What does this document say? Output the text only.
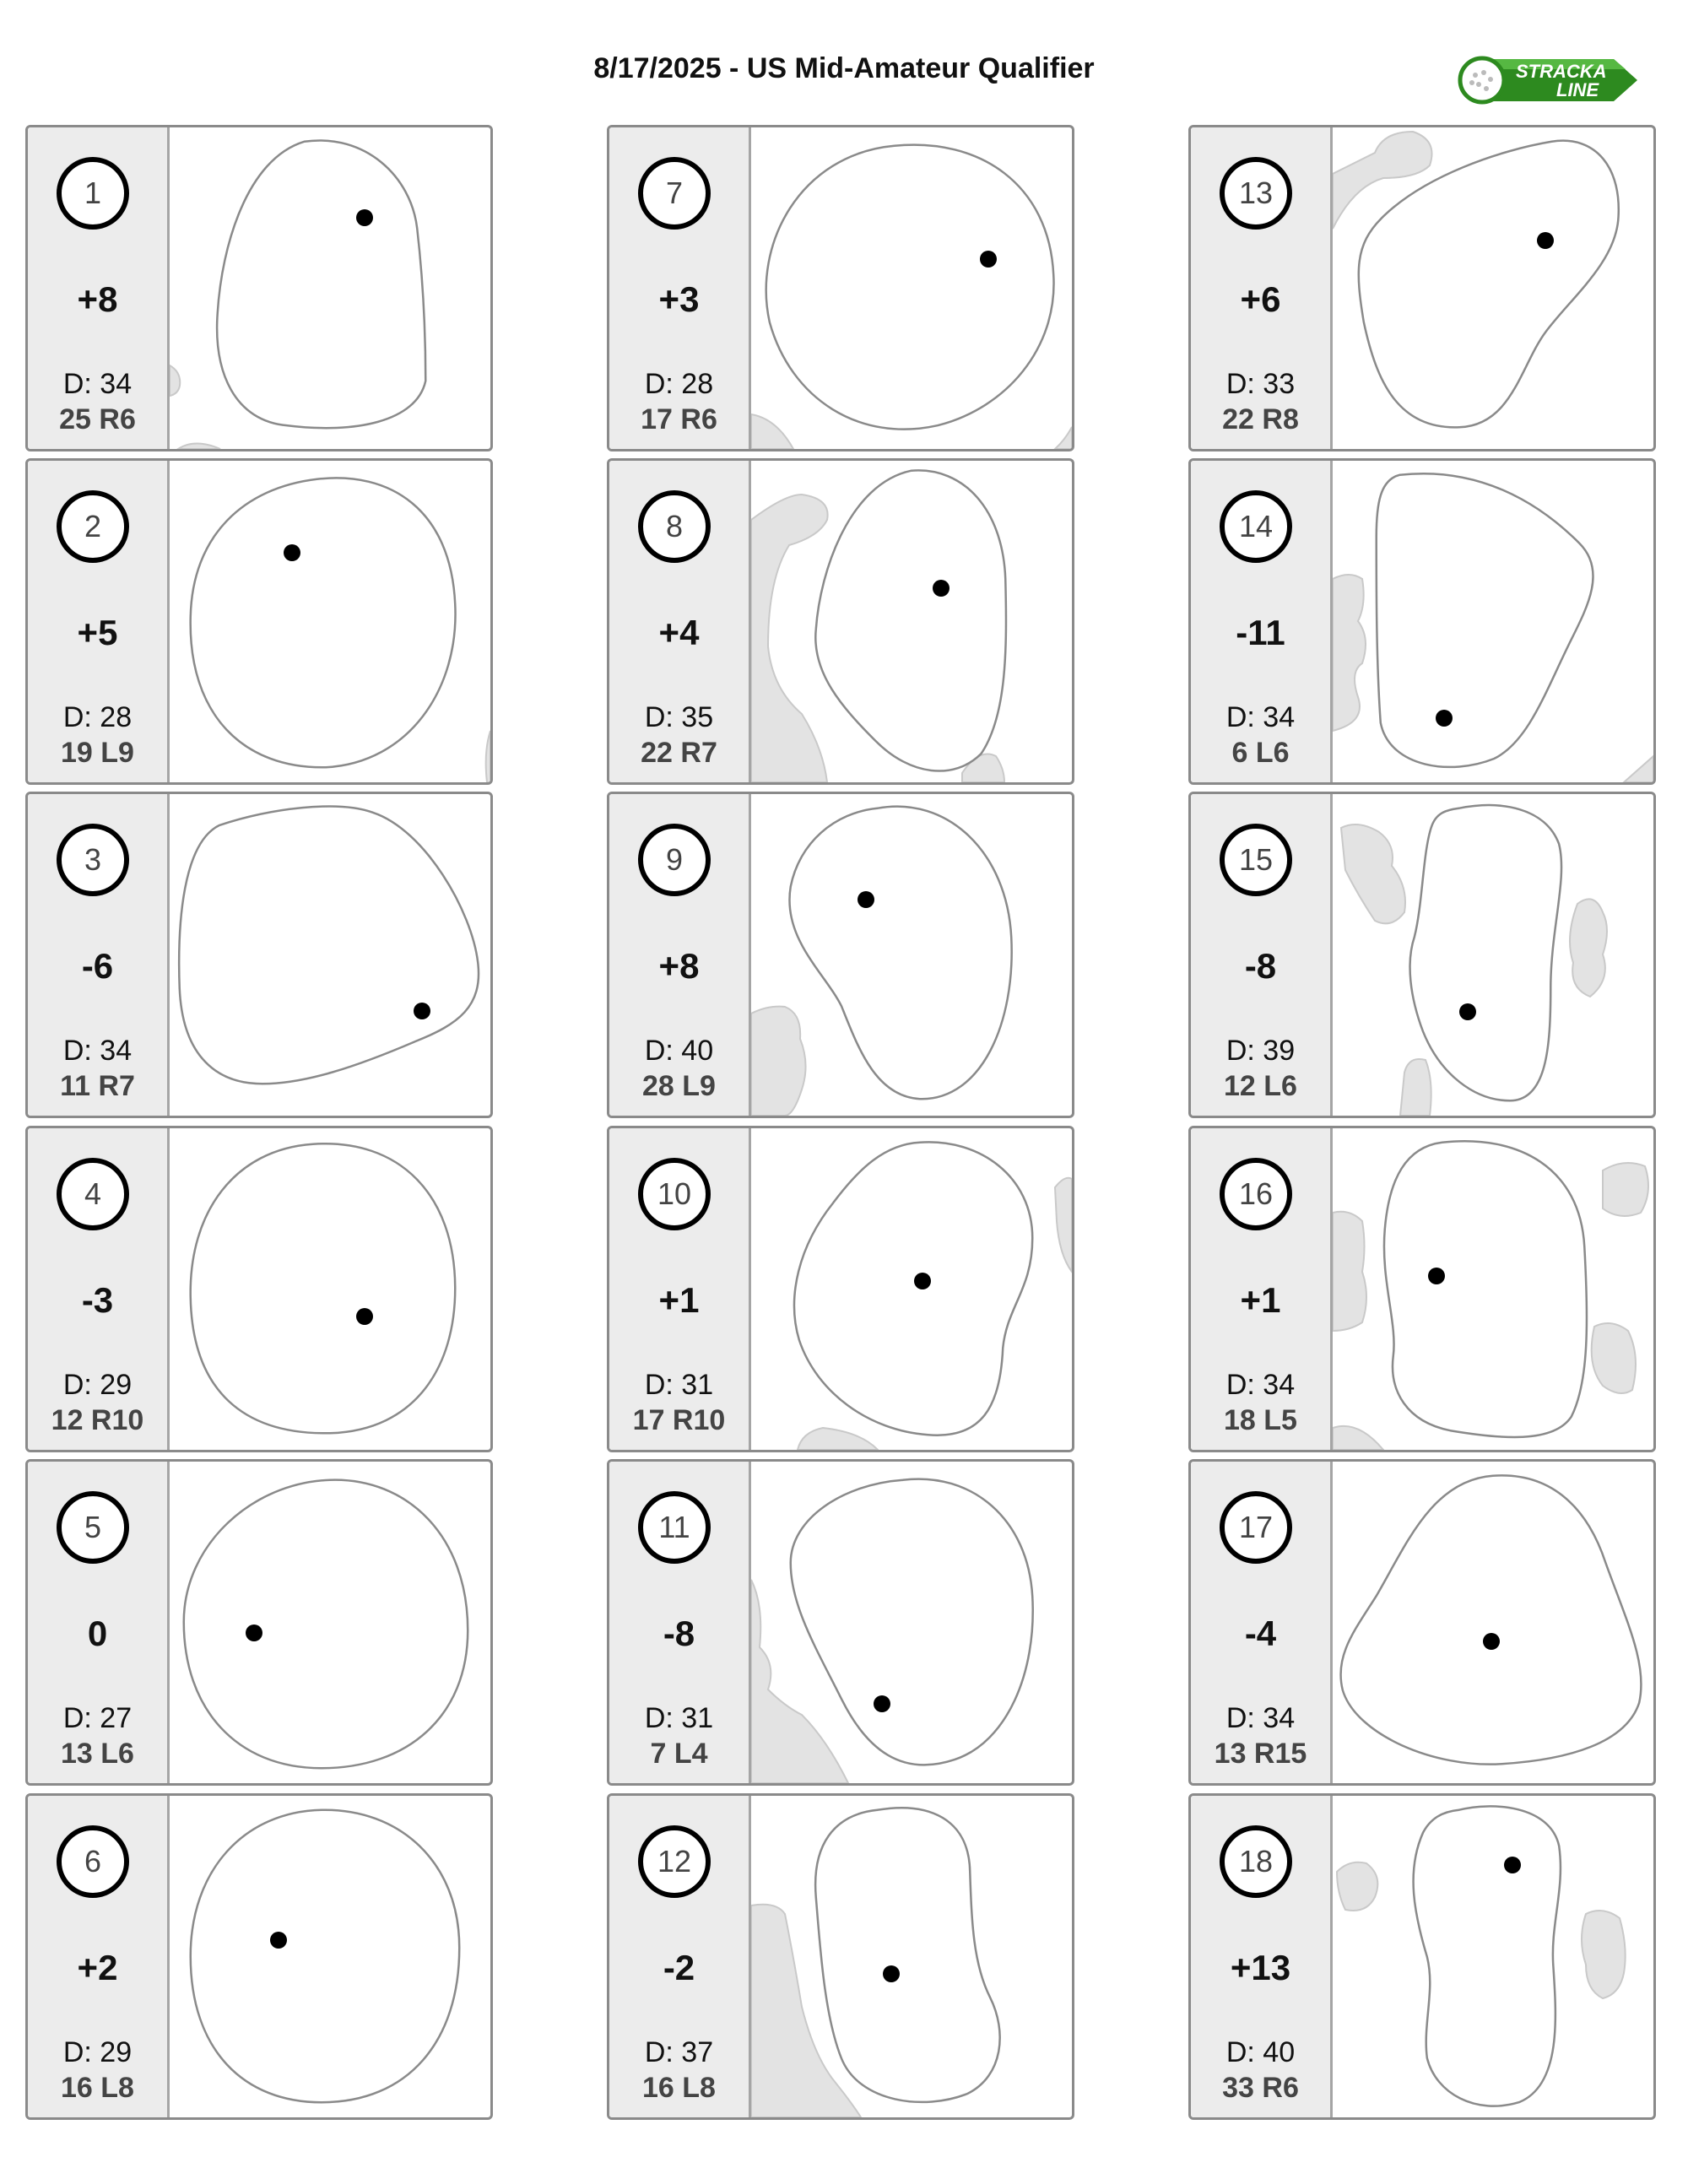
8/17/2025 - US Mid-Amateur Qualifier	STRACKA
LINE
1
+8
D: 34
25 R6
2
+5
D: 28
19 L9
3
-6
D: 34
11 R7
4
-3
D: 29
12 R10
5
0
D: 27
13 L6
6
+2
D: 29
16 L8
7
+3
D: 28
17 R6
8
+4
D: 35
22 R7
9
+8
D: 40
28 L9
10
+1
D: 31
17 R10
11
-8
D: 31
7 L4
12
-2
D: 37
16 L8
13
+6
D: 33
22 R8
14
-11
D: 34
6 L6
15
-8
D: 39
12 L6
16
+1
D: 34
18 L5
17
-4
D: 34
13 R15
18
+13
D: 40
33 R6
